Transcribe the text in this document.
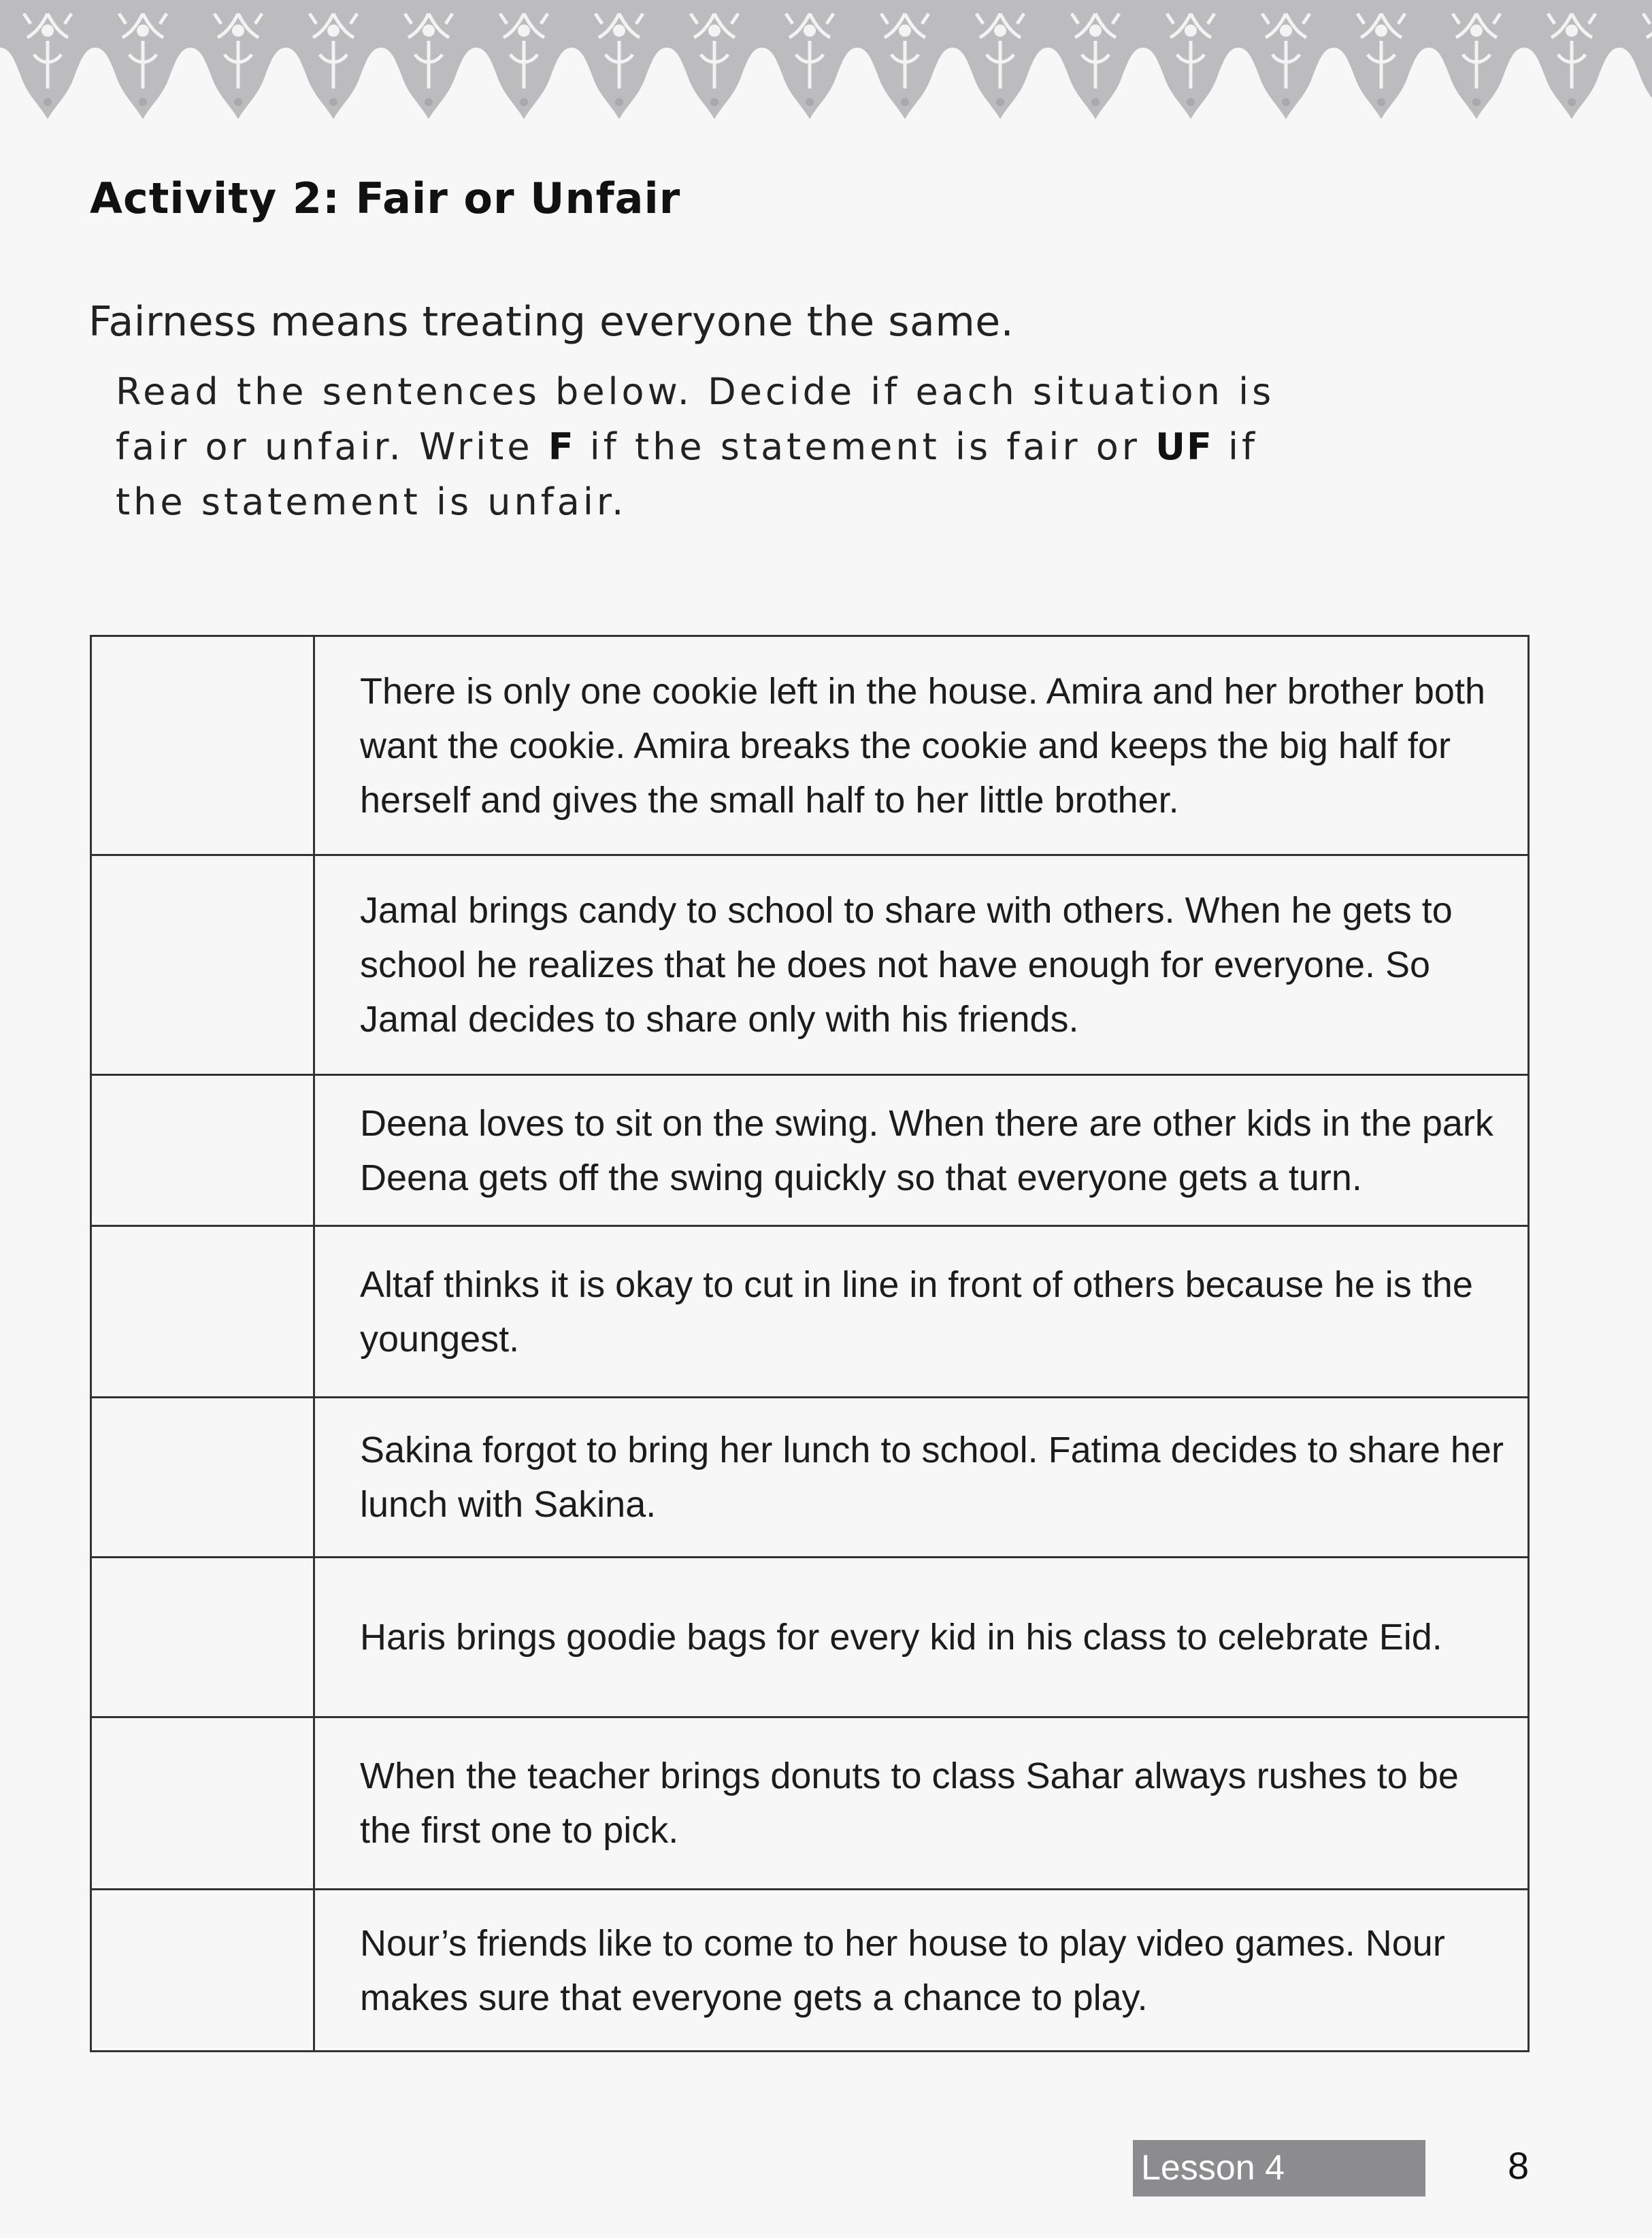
Activity 2: Fair or Unfair

Fairness means treating everyone the same.

Read the sentences below. Decide if each situation is fair or unfair. Write F if the statement is fair or UF if the statement is unfair.

	There is only one cookie left in the house. Amira and her brother both want the cookie. Amira breaks the cookie and keeps the big half for herself and gives the small half to her little brother.
	Jamal brings candy to school to share with others. When he gets to school he realizes that he does not have enough for everyone. So Jamal decides to share only with his friends.
	Deena loves to sit on the swing. When there are other kids in the park Deena gets off the swing quickly so that everyone gets a turn.
	Altaf thinks it is okay to cut in line in front of others because he is the youngest.
	Sakina forgot to bring her lunch to school. Fatima decides to share her lunch with Sakina.
	Haris brings goodie bags for every kid in his class to celebrate Eid.
	When the teacher brings donuts to class Sahar always rushes to be the first one to pick.
	Nour’s friends like to come to her house to play video games. Nour makes sure that everyone gets a chance to play.
Lesson 4	8
